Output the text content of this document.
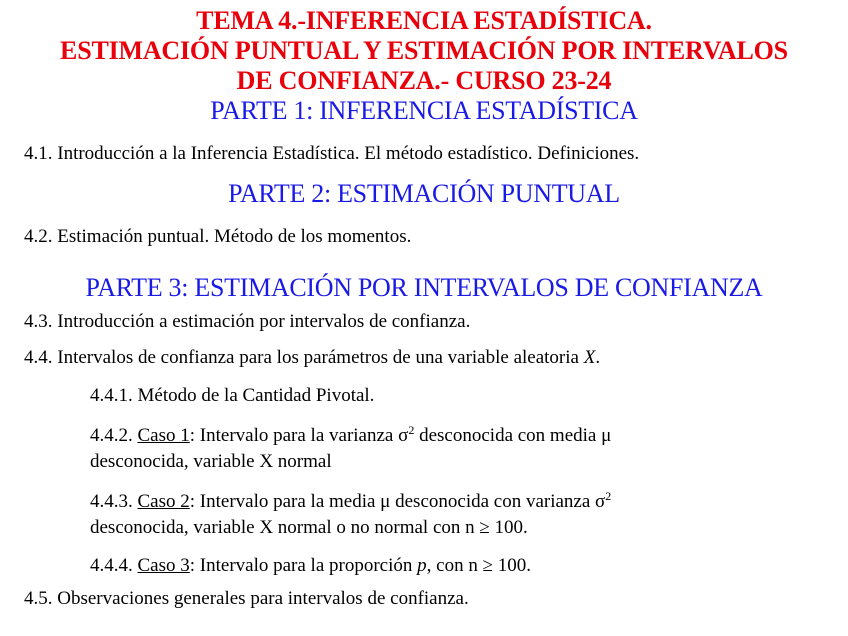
TEMA 4.-INFERENCIA ESTADÍSTICA.
ESTIMACIÓN PUNTUAL Y ESTIMACIÓN POR INTERVALOS
DE CONFIANZA.- CURSO 23-24
PARTE 1: INFERENCIA ESTADÍSTICA
4.1. Introducción a la Inferencia Estadística. El método estadístico. Definiciones.
PARTE 2: ESTIMACIÓN PUNTUAL
4.2. Estimación puntual. Método de los momentos.
PARTE 3: ESTIMACIÓN POR INTERVALOS DE CONFIANZA
4.3. Introducción a estimación por intervalos de confianza.
4.4. Intervalos de confianza para los parámetros de una variable aleatoria X.
4.4.1. Método de la Cantidad Pivotal.
4.4.2. Caso 1: Intervalo para la varianza $\sigma^2$ desconocida con media μ
desconocida, variable X normal
4.4.3. Caso 2: Intervalo para la media μ desconocida con varianza $\sigma^2$
desconocida, variable X normal o no normal con n ≥ 100.
4.4.4. Caso 3: Intervalo para la proporción p, con n ≥ 100.
4.5. Observaciones generales para intervalos de confianza.
